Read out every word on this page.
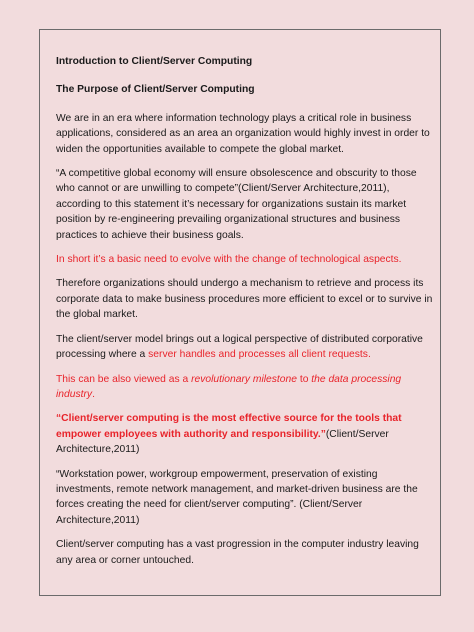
Introduction to Client/Server Computing

The Purpose of Client/Server Computing

We are in an era where information technology plays a critical role in business applications, considered as an area an organization would highly invest in order to widen the opportunities available to compete the global market.

“A competitive global economy will ensure obsolescence and obscurity to those who cannot or are unwilling to compete”(Client/Server Architecture,2011), according to this statement it’s necessary for organizations sustain its market position by re-engineering prevailing organizational structures and business practices to achieve their business goals.

In short it’s a basic need to evolve with the change of technological aspects.

Therefore organizations should undergo a mechanism to retrieve and process its corporate data to make business procedures more efficient to excel or to survive in the global market.

The client/server model brings out a logical perspective of distributed corporative processing where a server handles and processes all client requests.

This can be also viewed as a revolutionary milestone to the data processing industry.

“Client/server computing is the most effective source for the tools that empower employees with authority and responsibility.”(Client/Server Architecture,2011)

“Workstation power, workgroup empowerment, preservation of existing investments, remote network management, and market-driven business are the forces creating the need for client/server computing”. (Client/Server Architecture,2011)

Client/server computing has a vast progression in the computer industry leaving any area or corner untouched.
